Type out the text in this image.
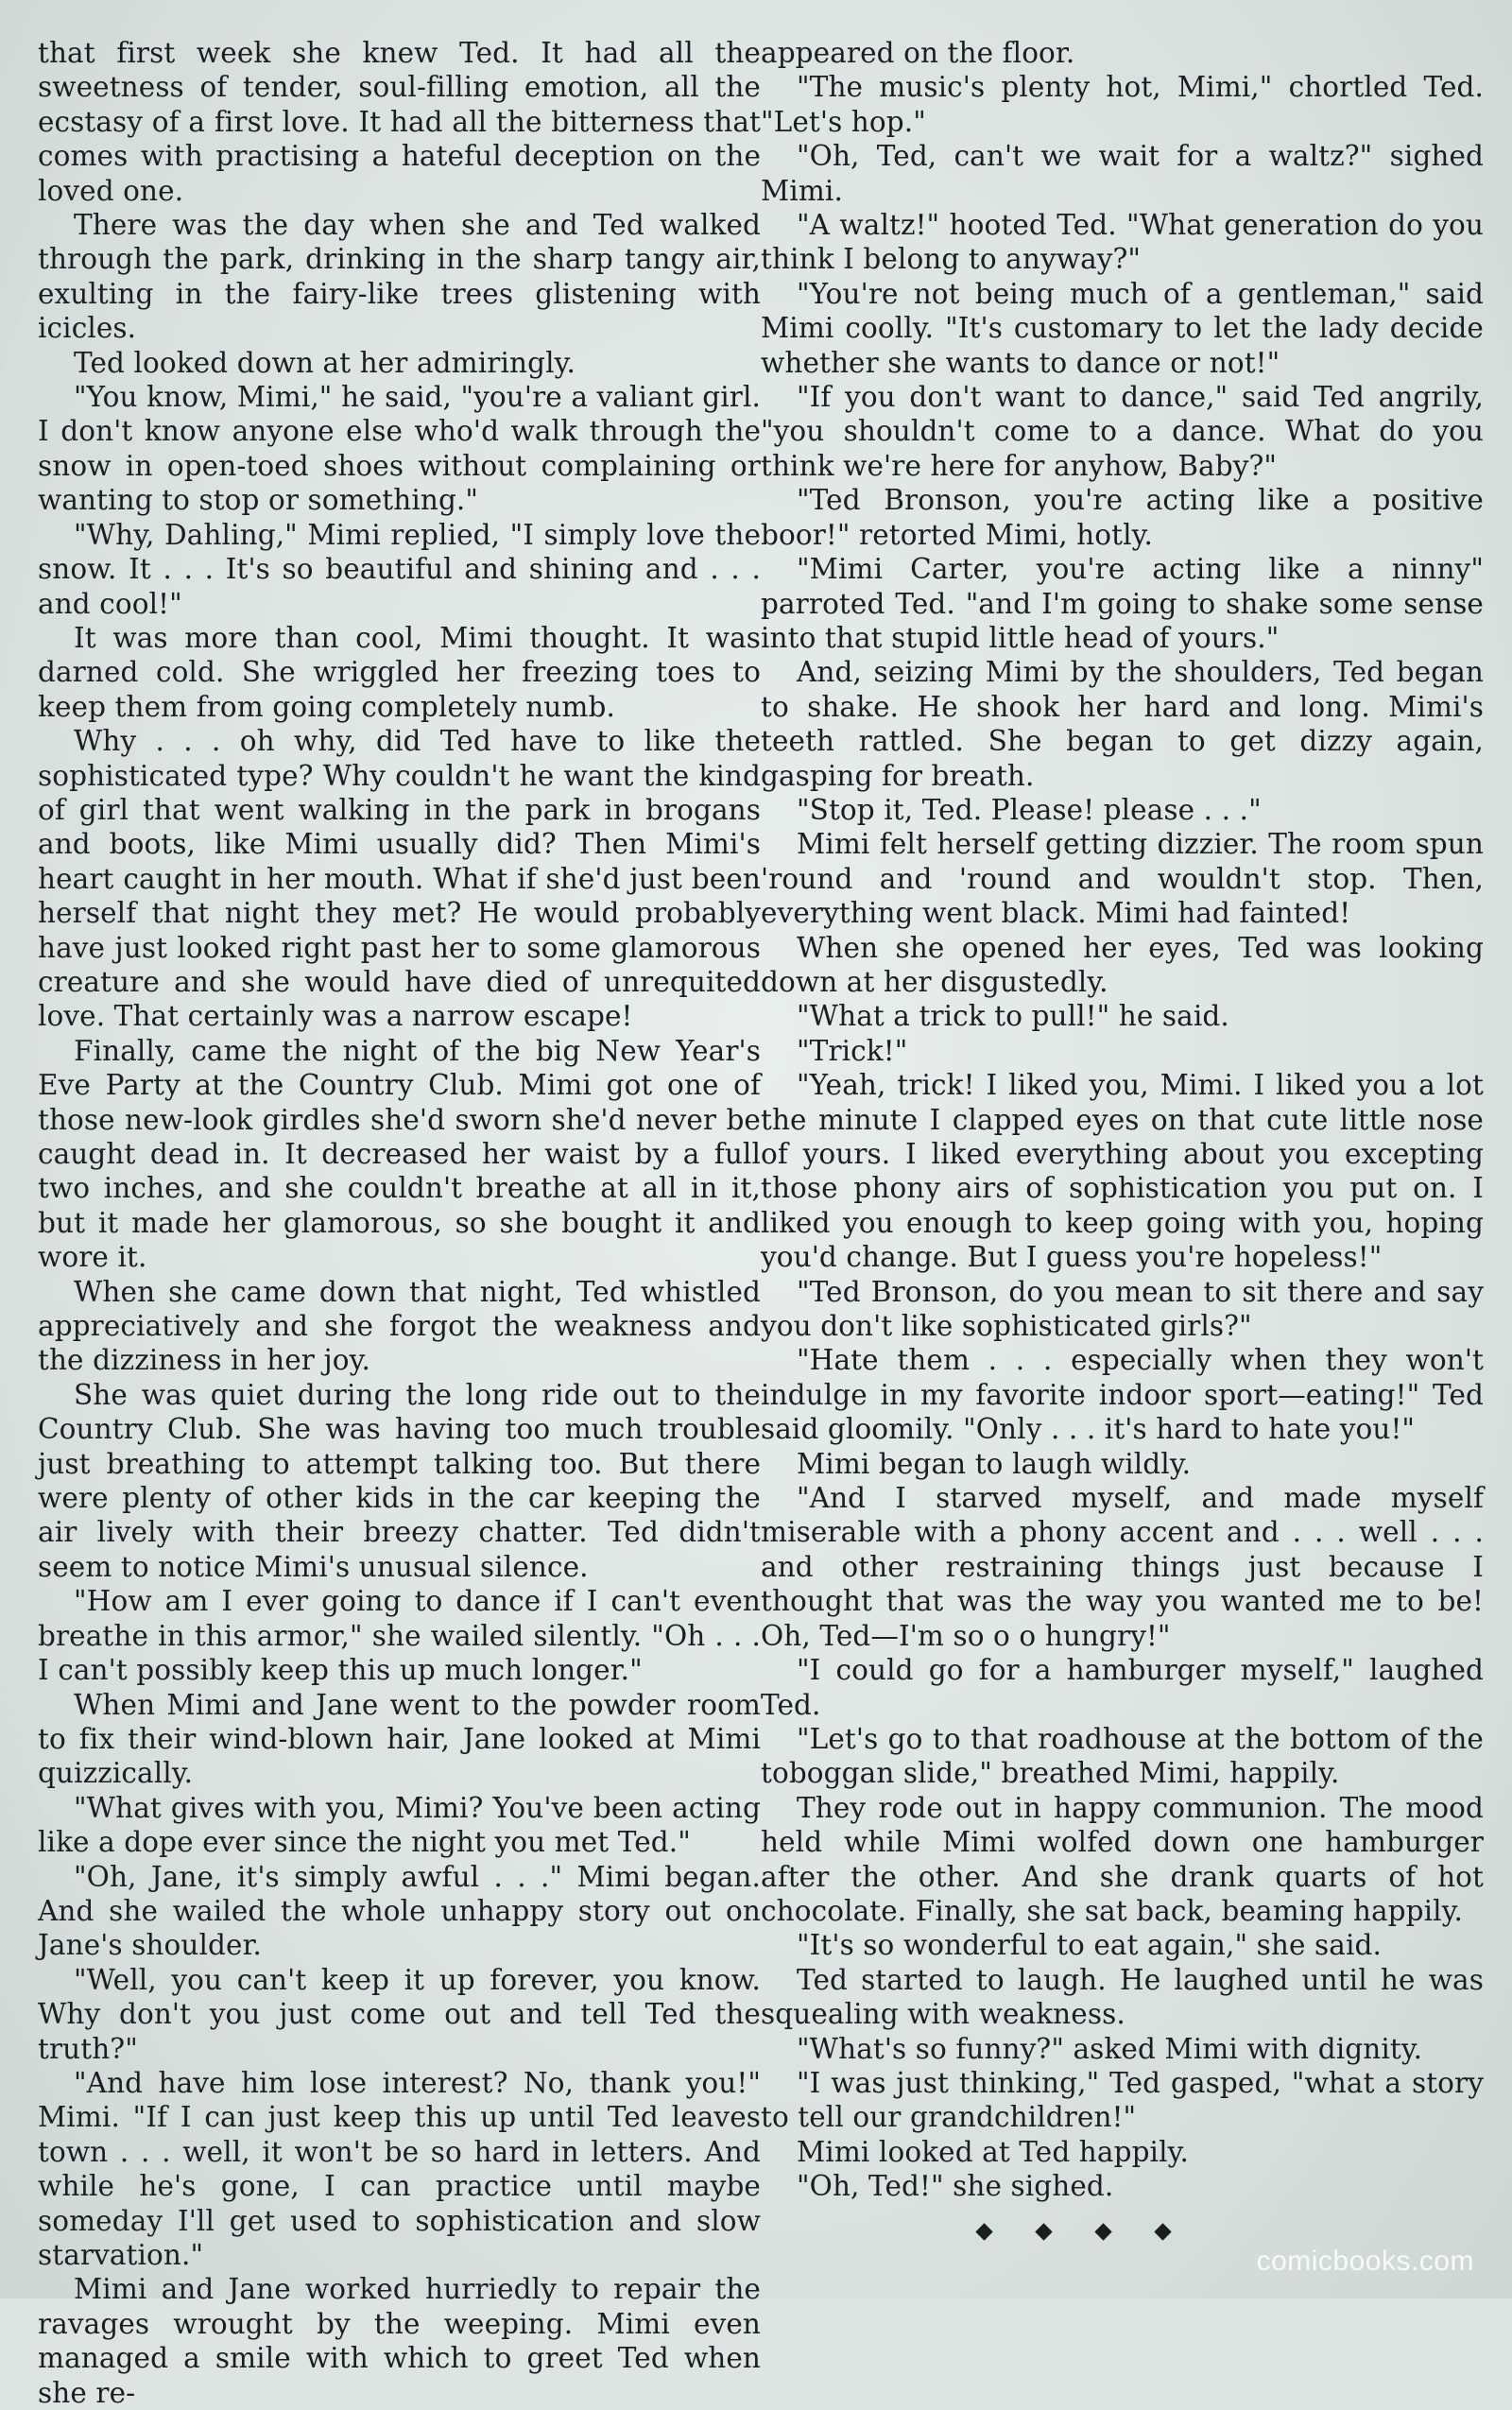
that first week she knew Ted. It had all the sweetness of tender, soul-filling emotion, all the ecstasy of a first love. It had all the bitterness that comes with practising a hateful deception on the loved one.

There was the day when she and Ted walked through the park, drinking in the sharp tangy air, exulting in the fairy-like trees glistening with icicles.

Ted looked down at her admiringly.

"You know, Mimi," he said, "you're a valiant girl. I don't know anyone else who'd walk through the snow in open-toed shoes without complaining or wanting to stop or something."

"Why, Dahling," Mimi replied, "I simply love the snow. It . . . It's so beautiful and shining and . . . and cool!"

It was more than cool, Mimi thought. It was darned cold. She wriggled her freezing toes to keep them from going completely numb.

Why . . . oh why, did Ted have to like the sophisticated type? Why couldn't he want the kind of girl that went walking in the park in brogans and boots, like Mimi usually did? Then Mimi's heart caught in her mouth. What if she'd just been herself that night they met? He would probably have just looked right past her to some glamorous creature and she would have died of unrequited love. That certainly was a narrow escape!

Finally, came the night of the big New Year's Eve Party at the Country Club. Mimi got one of those new-look girdles she'd sworn she'd never be caught dead in. It decreased her waist by a full two inches, and she couldn't breathe at all in it, but it made her glamorous, so she bought it and wore it.

When she came down that night, Ted whistled appreciatively and she forgot the weakness and the dizziness in her joy.

She was quiet during the long ride out to the Country Club. She was having too much trouble just breathing to attempt talking too. But there were plenty of other kids in the car keeping the air lively with their breezy chatter. Ted didn't seem to notice Mimi's unusual silence.

"How am I ever going to dance if I can't even breathe in this armor," she wailed silently. "Oh . . . I can't possibly keep this up much longer."

When Mimi and Jane went to the powder room to fix their wind-blown hair, Jane looked at Mimi quizzically.

"What gives with you, Mimi? You've been acting like a dope ever since the night you met Ted."

"Oh, Jane, it's simply awful . . ." Mimi began. And she wailed the whole unhappy story out on Jane's shoulder.

"Well, you can't keep it up forever, you know. Why don't you just come out and tell Ted the truth?"

"And have him lose interest? No, thank you!" Mimi. "If I can just keep this up until Ted leaves town . . . well, it won't be so hard in letters. And while he's gone, I can practice until maybe someday I'll get used to sophistication and slow starvation."

Mimi and Jane worked hurriedly to repair the ravages wrought by the weeping. Mimi even managed a smile with which to greet Ted when she re-

appeared on the floor.

"The music's plenty hot, Mimi," chortled Ted. "Let's hop."

"Oh, Ted, can't we wait for a waltz?" sighed Mimi.

"A waltz!" hooted Ted. "What generation do you think I belong to anyway?"

"You're not being much of a gentleman," said Mimi coolly. "It's customary to let the lady decide whether she wants to dance or not!"

"If you don't want to dance," said Ted angrily, "you shouldn't come to a dance. What do you think we're here for anyhow, Baby?"

"Ted Bronson, you're acting like a positive boor!" retorted Mimi, hotly.

"Mimi Carter, you're acting like a ninny" parroted Ted. "and I'm going to shake some sense into that stupid little head of yours."

And, seizing Mimi by the shoulders, Ted began to shake. He shook her hard and long. Mimi's teeth rattled. She began to get dizzy again, gasping for breath.

"Stop it, Ted. Please! please . . ."

Mimi felt herself getting dizzier. The room spun 'round and 'round and wouldn't stop. Then, everything went black. Mimi had fainted!

When she opened her eyes, Ted was looking down at her disgustedly.

"What a trick to pull!" he said.

"Trick!"

"Yeah, trick! I liked you, Mimi. I liked you a lot the minute I clapped eyes on that cute little nose of yours. I liked everything about you excepting those phony airs of sophistication you put on. I liked you enough to keep going with you, hoping you'd change. But I guess you're hopeless!"

"Ted Bronson, do you mean to sit there and say you don't like sophisticated girls?"

"Hate them . . . especially when they won't indulge in my favorite indoor sport—eating!" Ted said gloomily. "Only . . . it's hard to hate you!"

Mimi began to laugh wildly.

"And I starved myself, and made myself miserable with a phony accent and . . . well . . . and other restraining things just because I thought that was the way you wanted me to be! Oh, Ted—I'm so o o hungry!"

"I could go for a hamburger myself," laughed Ted.

"Let's go to that roadhouse at the bottom of the toboggan slide," breathed Mimi, happily.

They rode out in happy communion. The mood held while Mimi wolfed down one hamburger after the other. And she drank quarts of hot chocolate. Finally, she sat back, beaming happily.

"It's so wonderful to eat again," she said.

Ted started to laugh. He laughed until he was squealing with weakness.

"What's so funny?" asked Mimi with dignity.

"I was just thinking," Ted gasped, "what a story to tell our grandchildren!"

Mimi looked at Ted happily.

"Oh, Ted!" she sighed.

comicbooks.com
